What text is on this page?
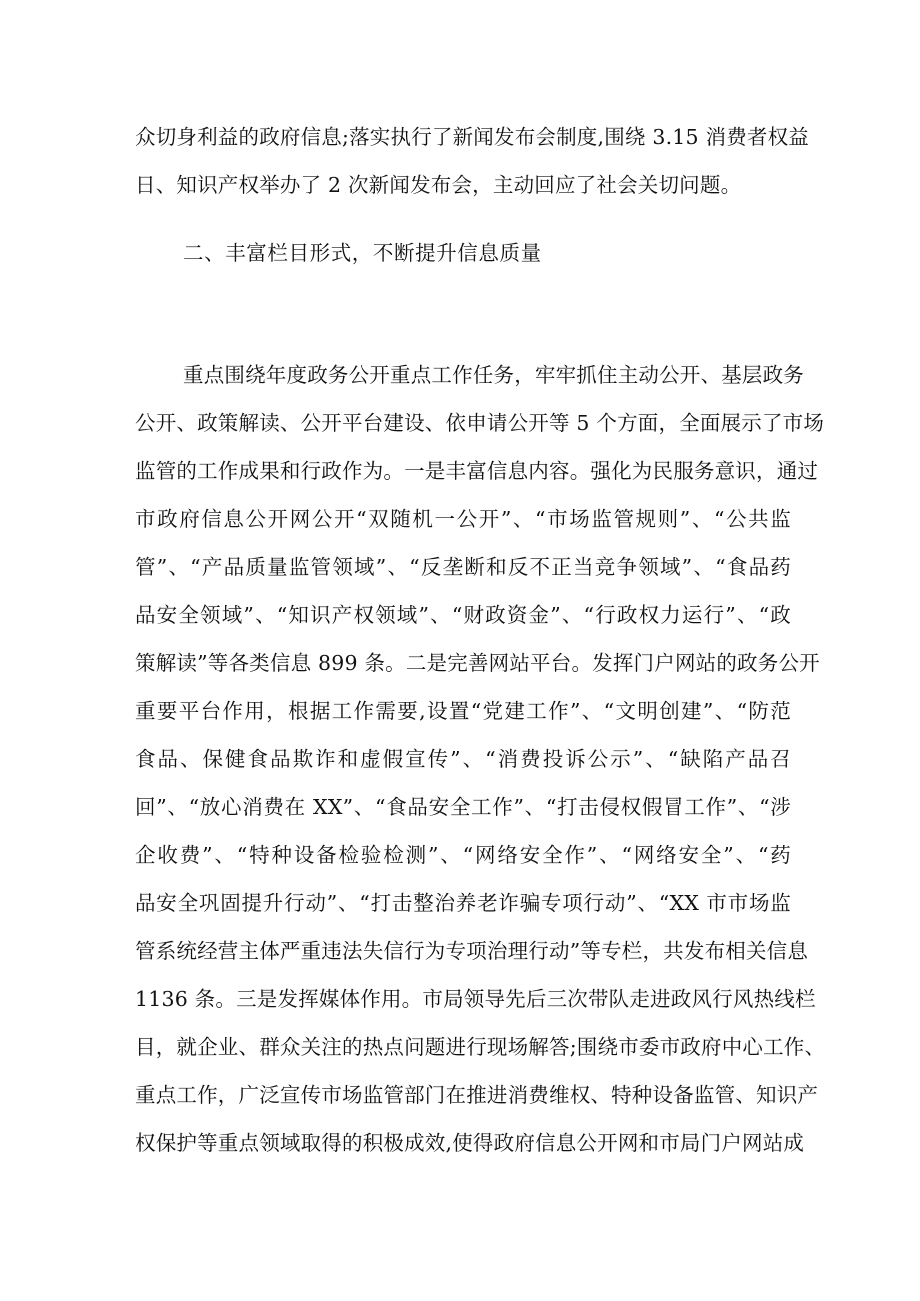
众切身利益的政府信息;落实执行了新闻发布会制度,围绕 3.15 消费者权益
日、知识产权举办了 2 次新闻发布会，主动回应了社会关切问题。
二、丰富栏目形式，不断提升信息质量
重点围绕年度政务公开重点工作任务，牢牢抓住主动公开、基层政务
公开、政策解读、公开平台建设、依申请公开等 5 个方面，全面展示了市场
监管的工作成果和行政作为。一是丰富信息内容。强化为民服务意识，通过
市政府信息公开网公开“双随机一公开”、“市场监管规则”、“公共监
管”、“产品质量监管领域”、“反垄断和反不正当竞争领域”、“食品药
品安全领域”、“知识产权领域”、“财政资金”、“行政权力运行”、“政
策解读”等各类信息 899 条。二是完善网站平台。发挥门户网站的政务公开
重要平台作用，根据工作需要,设置“党建工作”、“文明创建”、“防范
食品、保健食品欺诈和虚假宣传”、“消费投诉公示”、“缺陷产品召
回”、“放心消费在 XX”、“食品安全工作”、“打击侵权假冒工作”、“涉
企收费”、“特种设备检验检测”、“网络安全作”、“网络安全”、“药
品安全巩固提升行动”、“打击整治养老诈骗专项行动”、“XX 市市场监
管系统经营主体严重违法失信行为专项治理行动”等专栏，共发布相关信息
1136 条。三是发挥媒体作用。市局领导先后三次带队走进政风行风热线栏
目，就企业、群众关注的热点问题进行现场解答;围绕市委市政府中心工作、
重点工作，广泛宣传市场监管部门在推进消费维权、特种设备监管、知识产
权保护等重点领域取得的积极成效,使得政府信息公开网和市局门户网站成
